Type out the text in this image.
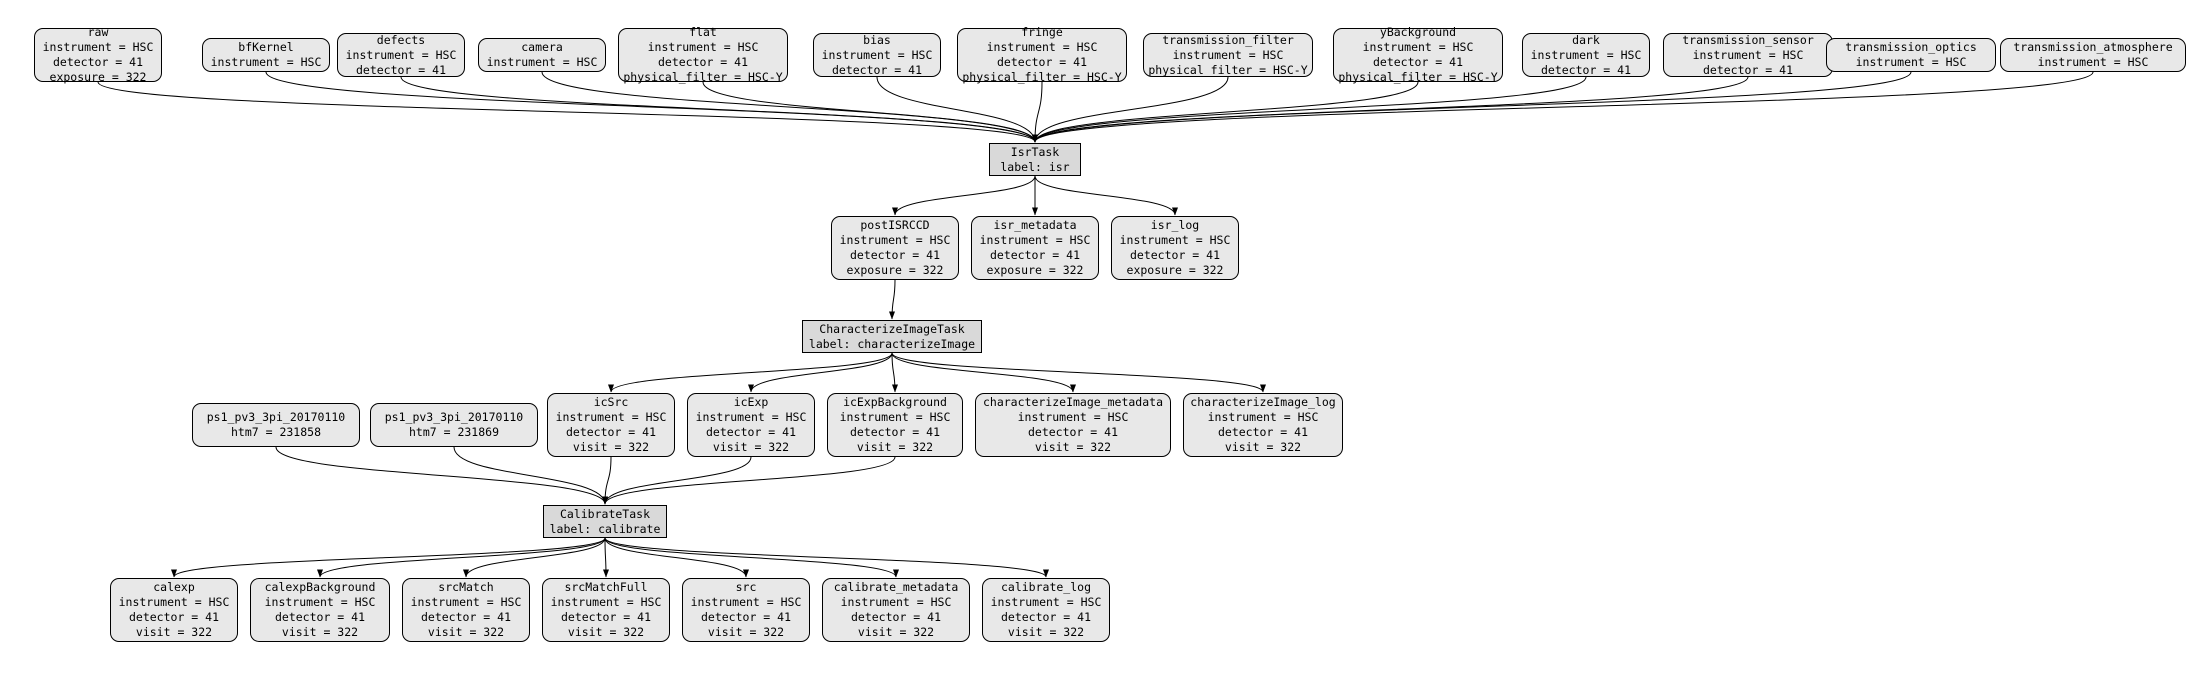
raw
instrument = HSC
detector = 41
exposure = 322
bfKernel
instrument = HSC
defects
instrument = HSC
detector = 41
camera
instrument = HSC
flat
instrument = HSC
detector = 41
physical_filter = HSC-Y
bias
instrument = HSC
detector = 41
fringe
instrument = HSC
detector = 41
physical_filter = HSC-Y
transmission_filter
instrument = HSC
physical_filter = HSC-Y
yBackground
instrument = HSC
detector = 41
physical_filter = HSC-Y
dark
instrument = HSC
detector = 41
transmission_sensor
instrument = HSC
detector = 41
transmission_optics
instrument = HSC
transmission_atmosphere
instrument = HSC
IsrTask
label: isr
postISRCCD
instrument = HSC
detector = 41
exposure = 322
isr_metadata
instrument = HSC
detector = 41
exposure = 322
isr_log
instrument = HSC
detector = 41
exposure = 322
CharacterizeImageTask
label: characterizeImage
icSrc
instrument = HSC
detector = 41
visit = 322
icExp
instrument = HSC
detector = 41
visit = 322
icExpBackground
instrument = HSC
detector = 41
visit = 322
characterizeImage_metadata
instrument = HSC
detector = 41
visit = 322
characterizeImage_log
instrument = HSC
detector = 41
visit = 322
ps1_pv3_3pi_20170110
htm7 = 231858
ps1_pv3_3pi_20170110
htm7 = 231869
CalibrateTask
label: calibrate
calexp
instrument = HSC
detector = 41
visit = 322
calexpBackground
instrument = HSC
detector = 41
visit = 322
srcMatch
instrument = HSC
detector = 41
visit = 322
srcMatchFull
instrument = HSC
detector = 41
visit = 322
src
instrument = HSC
detector = 41
visit = 322
calibrate_metadata
instrument = HSC
detector = 41
visit = 322
calibrate_log
instrument = HSC
detector = 41
visit = 322
